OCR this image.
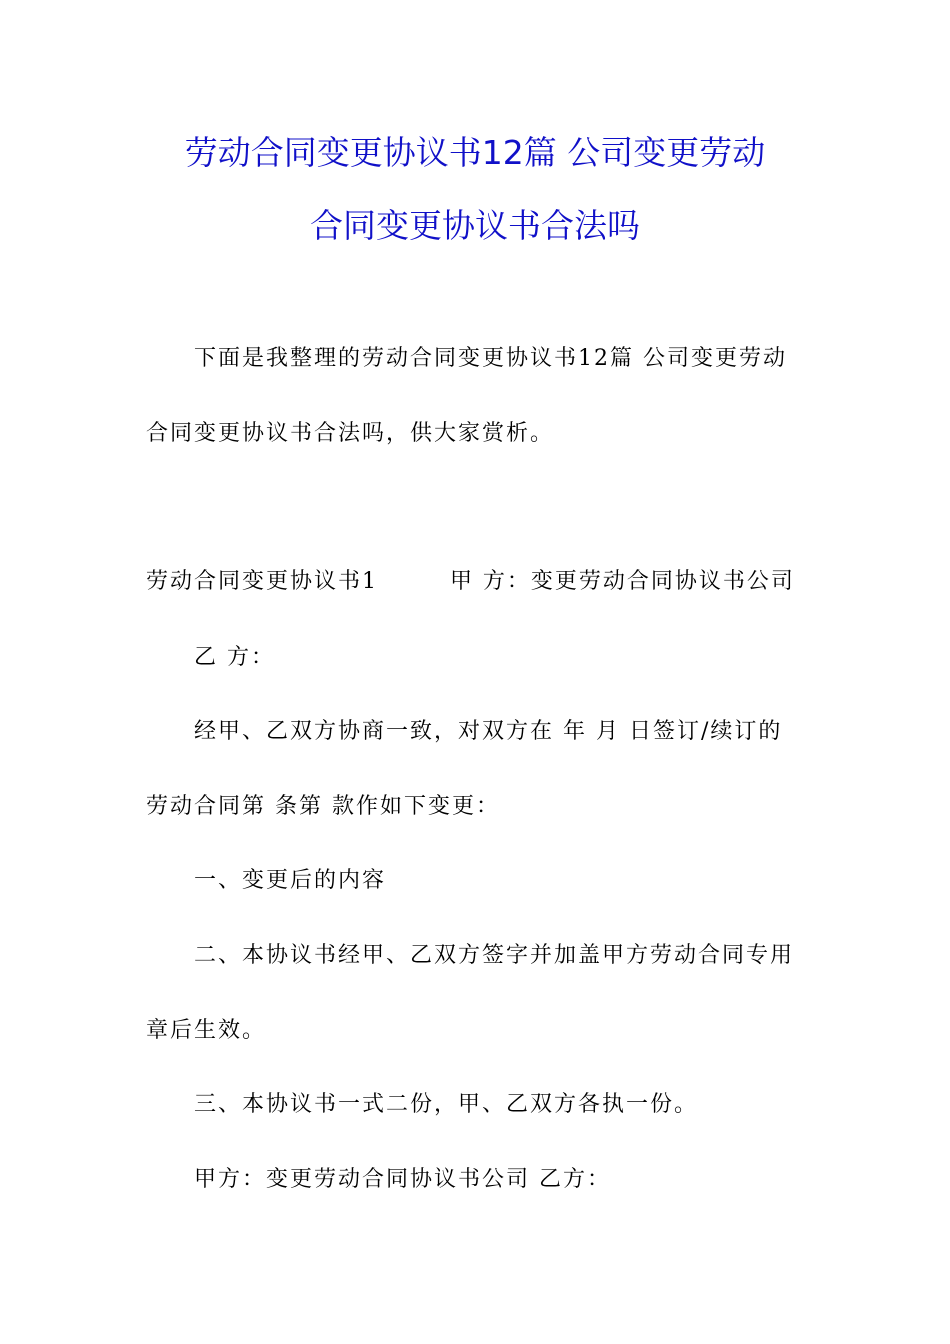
劳动合同变更协议书12篇 公司变更劳动
合同变更协议书合法吗
下面是我整理的劳动合同变更协议书12篇 公司变更劳动
合同变更协议书合法吗，供大家赏析。
劳动合同变更协议书1        甲 方：变更劳动合同协议书公司
乙 方：
经甲、乙双方协商一致，对双方在 年 月 日签订/续订的
劳动合同第 条第 款作如下变更：
一、变更后的内容
二、本协议书经甲、乙双方签字并加盖甲方劳动合同专用
章后生效。
三、本协议书一式二份，甲、乙双方各执一份。
甲方：变更劳动合同协议书公司 乙方：
